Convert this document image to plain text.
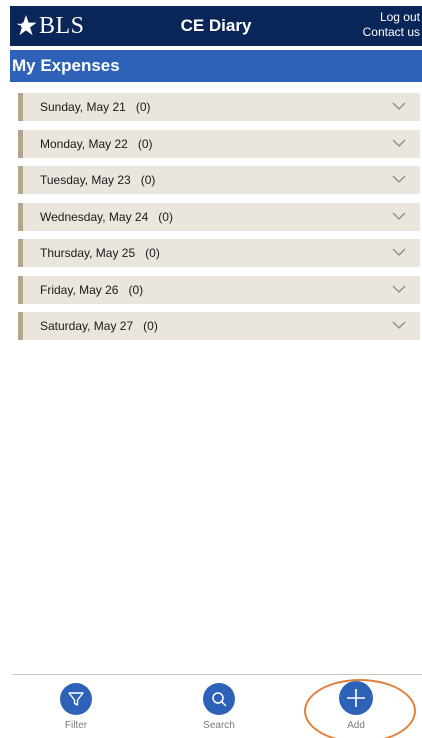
BLS	CE Diary	Log out
Contact us
My Expenses
Sunday, May 21   (0)
Monday, May 22   (0)
Tuesday, May 23   (0)
Wednesday, May 24   (0)
Thursday, May 25   (0)
Friday, May 26   (0)
Saturday, May 27   (0)
Filter	Search	Add
